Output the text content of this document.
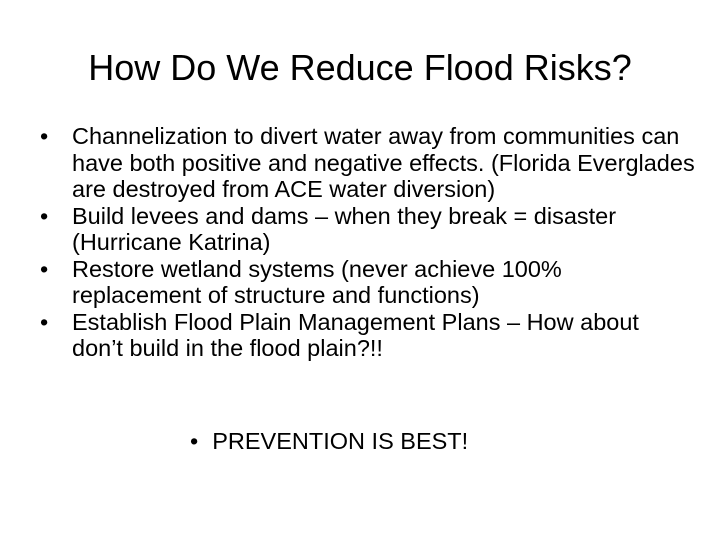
How Do We Reduce Flood Risks?
• Channelization to divert water away from communities can have both positive and negative effects. (Florida Everglades are destroyed from ACE water diversion)
• Build levees and dams – when they break = disaster (Hurricane Katrina)
• Restore wetland systems (never achieve 100% replacement of structure and functions)
• Establish Flood Plain Management Plans – How about don’t build in the flood plain?!!
• PREVENTION IS BEST!
